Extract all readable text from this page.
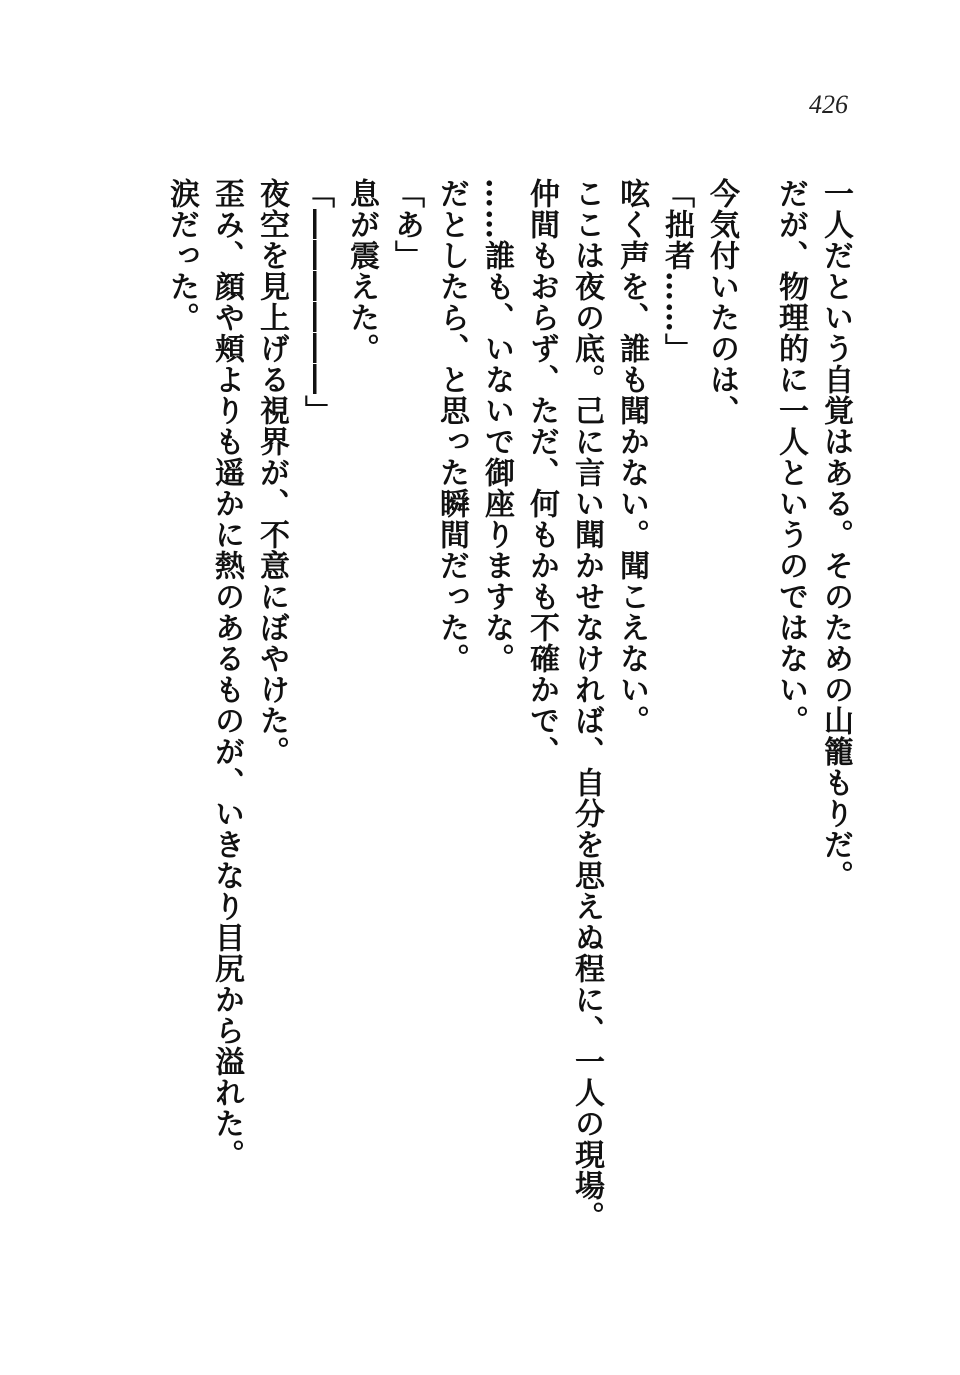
426
一人だという自覚はある。そのための山籠もりだ。
だが、物理的に一人というのではない。
今気付いたのは、
「拙者……」
呟く声を、誰も聞かない。聞こえない。
ここは夜の底。己に言い聞かせなければ、自分を思えぬ程に、一人の現場。
仲間もおらず、ただ、何もかも不確かで、
……誰も、いないで御座りますな。
だとしたら、と思った瞬間だった。
「あ」
息が震えた。
「――――――」
夜空を見上げる視界が、不意にぼやけた。
歪み、顔や頬よりも遥かに熱のあるものが、いきなり目尻から溢れた。
涙だった。
